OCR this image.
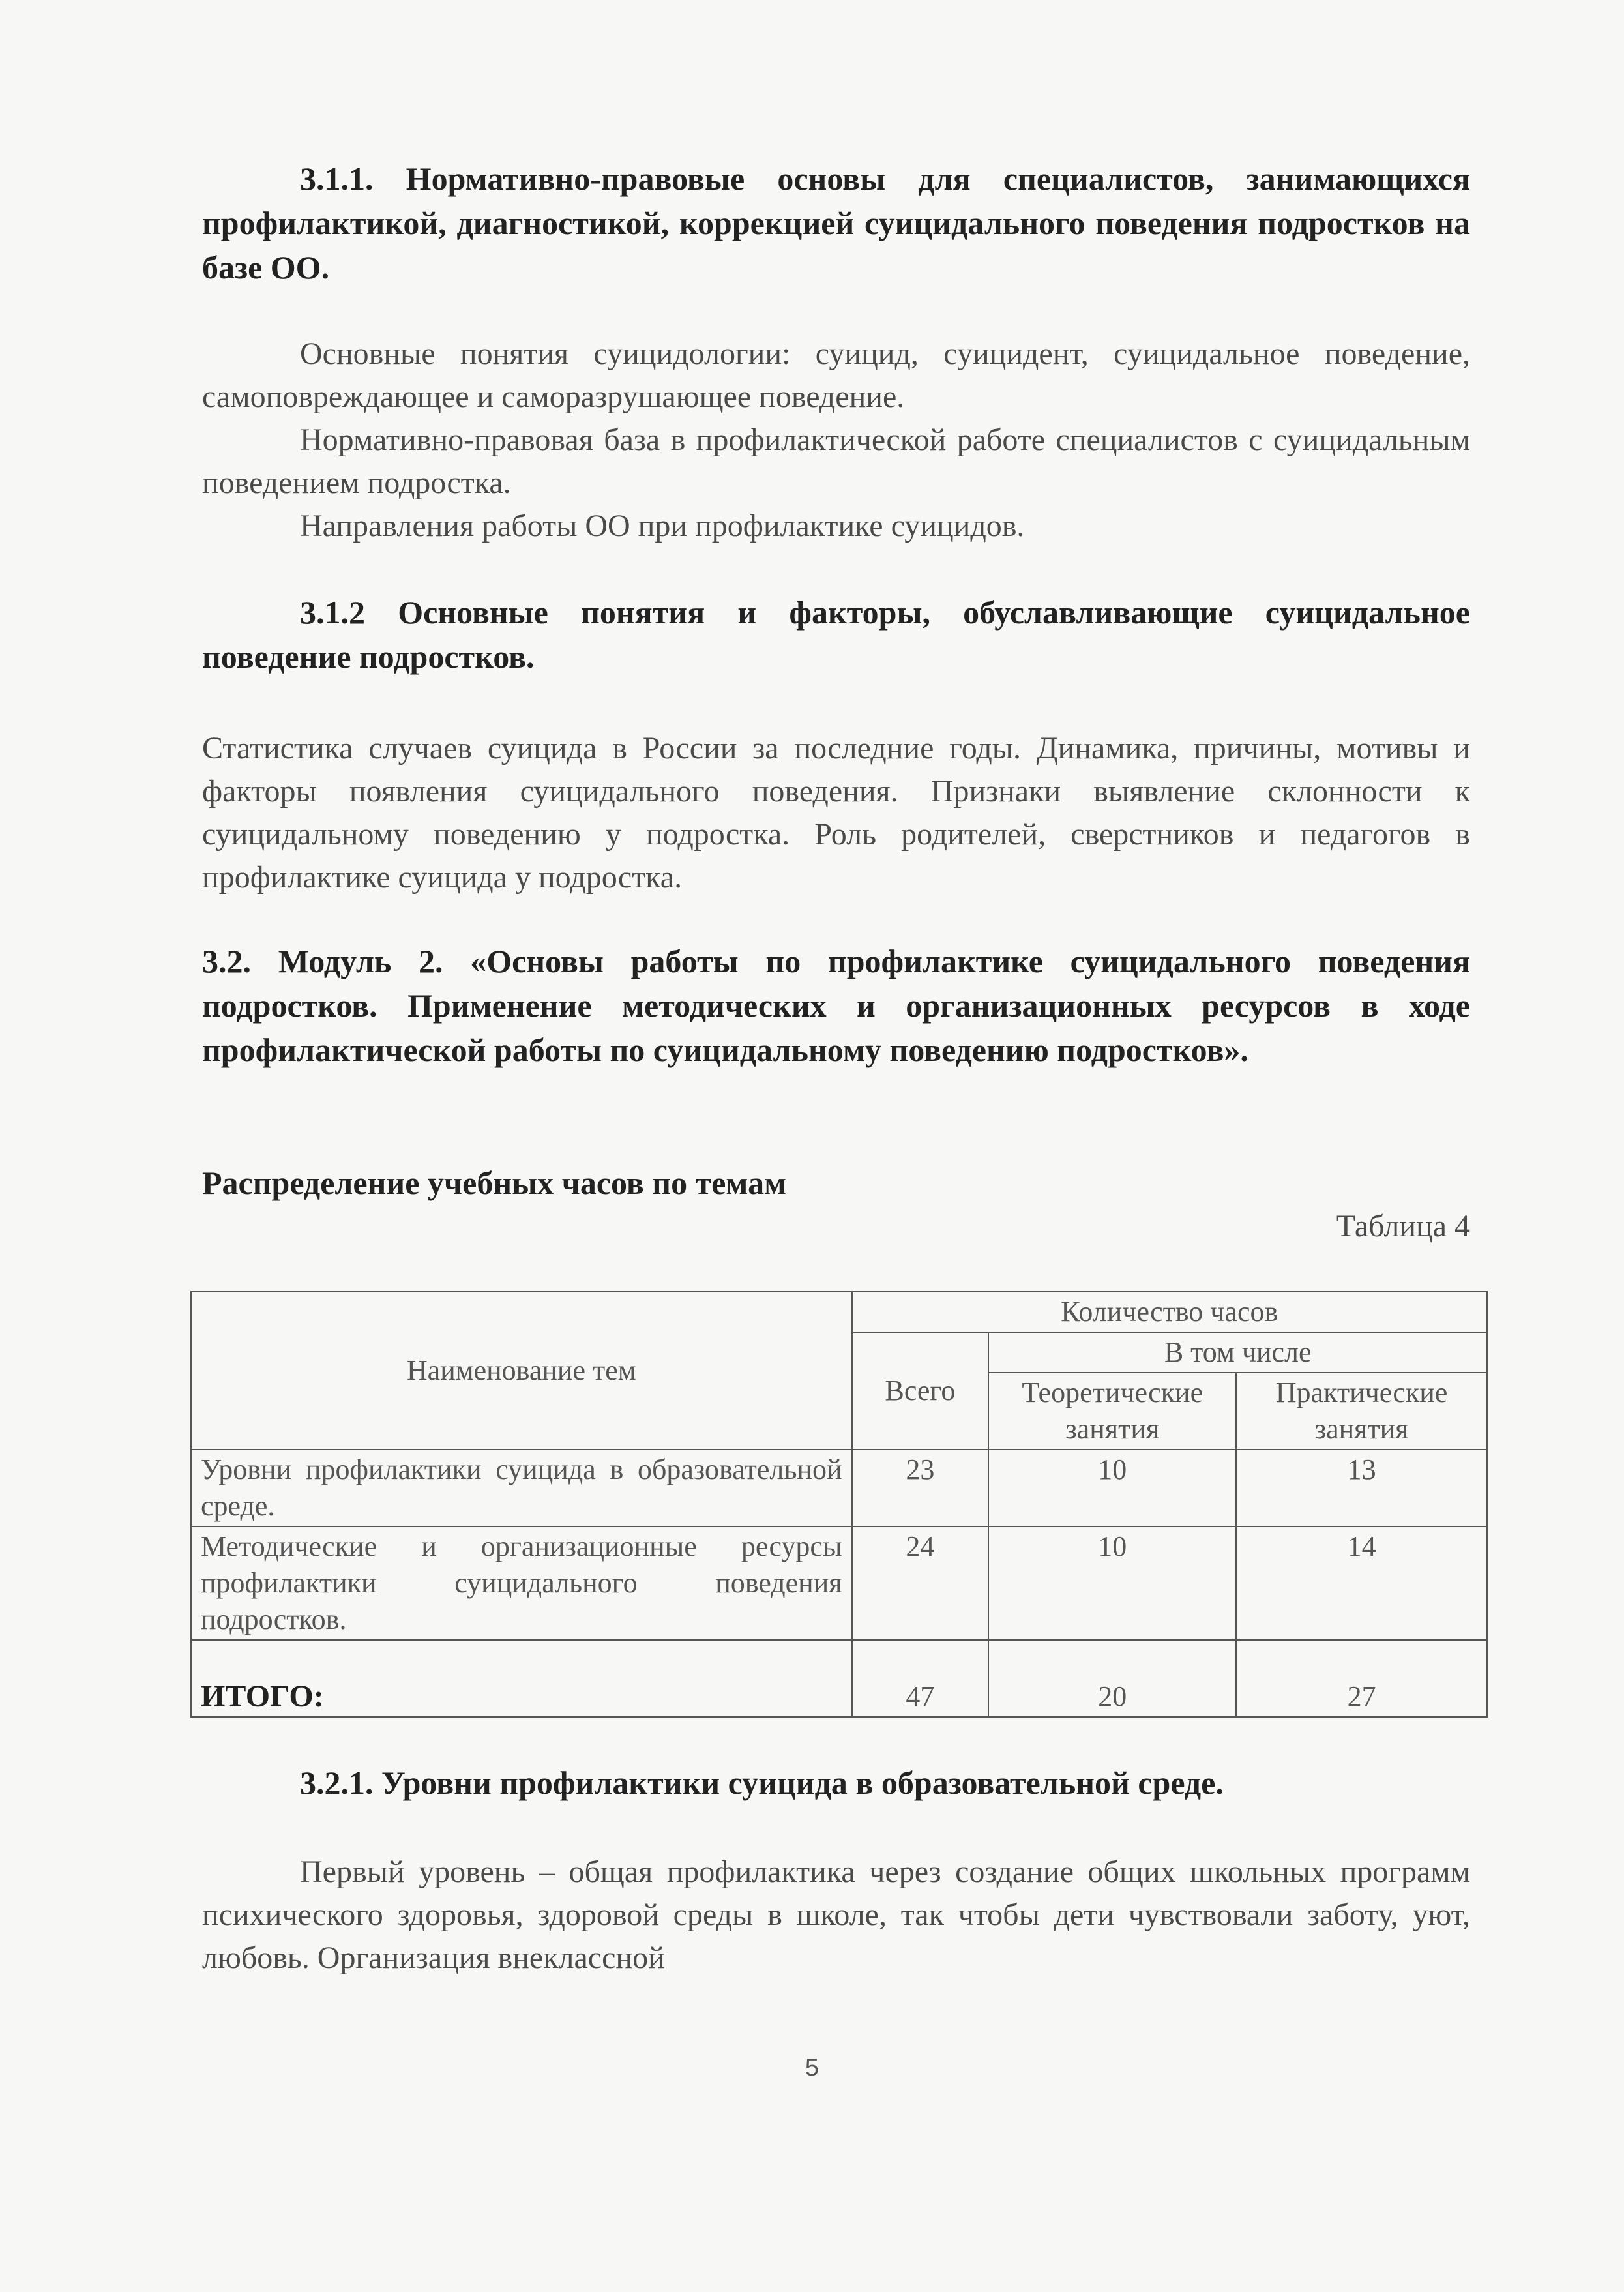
3.1.1. Нормативно-правовые основы для специалистов, занимающихся профилактикой, диагностикой, коррекцией суицидального поведения подростков на базе ОО.

Основные понятия суицидологии: суицид, суицидент, суицидальное поведение, самоповреждающее и саморазрушающее поведение.

Нормативно-правовая база в профилактической работе специалистов с суицидальным поведением подростка.

Направления работы ОО при профилактике суицидов.

3.1.2 Основные понятия и факторы, обуславливающие суицидальное поведение подростков.

Статистика случаев суицида в России за последние годы. Динамика, причины, мотивы и факторы появления суицидального поведения. Признаки выявление склонности к суицидальному поведению у подростка. Роль родителей, сверстников и педагогов в профилактике суицида у подростка.

3.2. Модуль 2. «Основы работы по профилактике суицидального поведения подростков. Применение методических и организационных ресурсов в ходе профилактической работы по суицидальному поведению подростков».

Распределение учебных часов по темам

Таблица 4

Наименование тем	Количество часов		
	Всего	В том числе	
		Теоретические занятия	Практические занятия
Уровни профилактики суицида в образовательной среде.	23	10	13
Методические и организационные ресурсы профилактики суицидального поведения подростков.	24	10	14
ИТОГО:	47	20	27

3.2.1. Уровни профилактики суицида в образовательной среде.

Первый уровень – общая профилактика через создание общих школьных программ психического здоровья, здоровой среды в школе, так чтобы дети чувствовали заботу, уют, любовь. Организация внеклассной

5
